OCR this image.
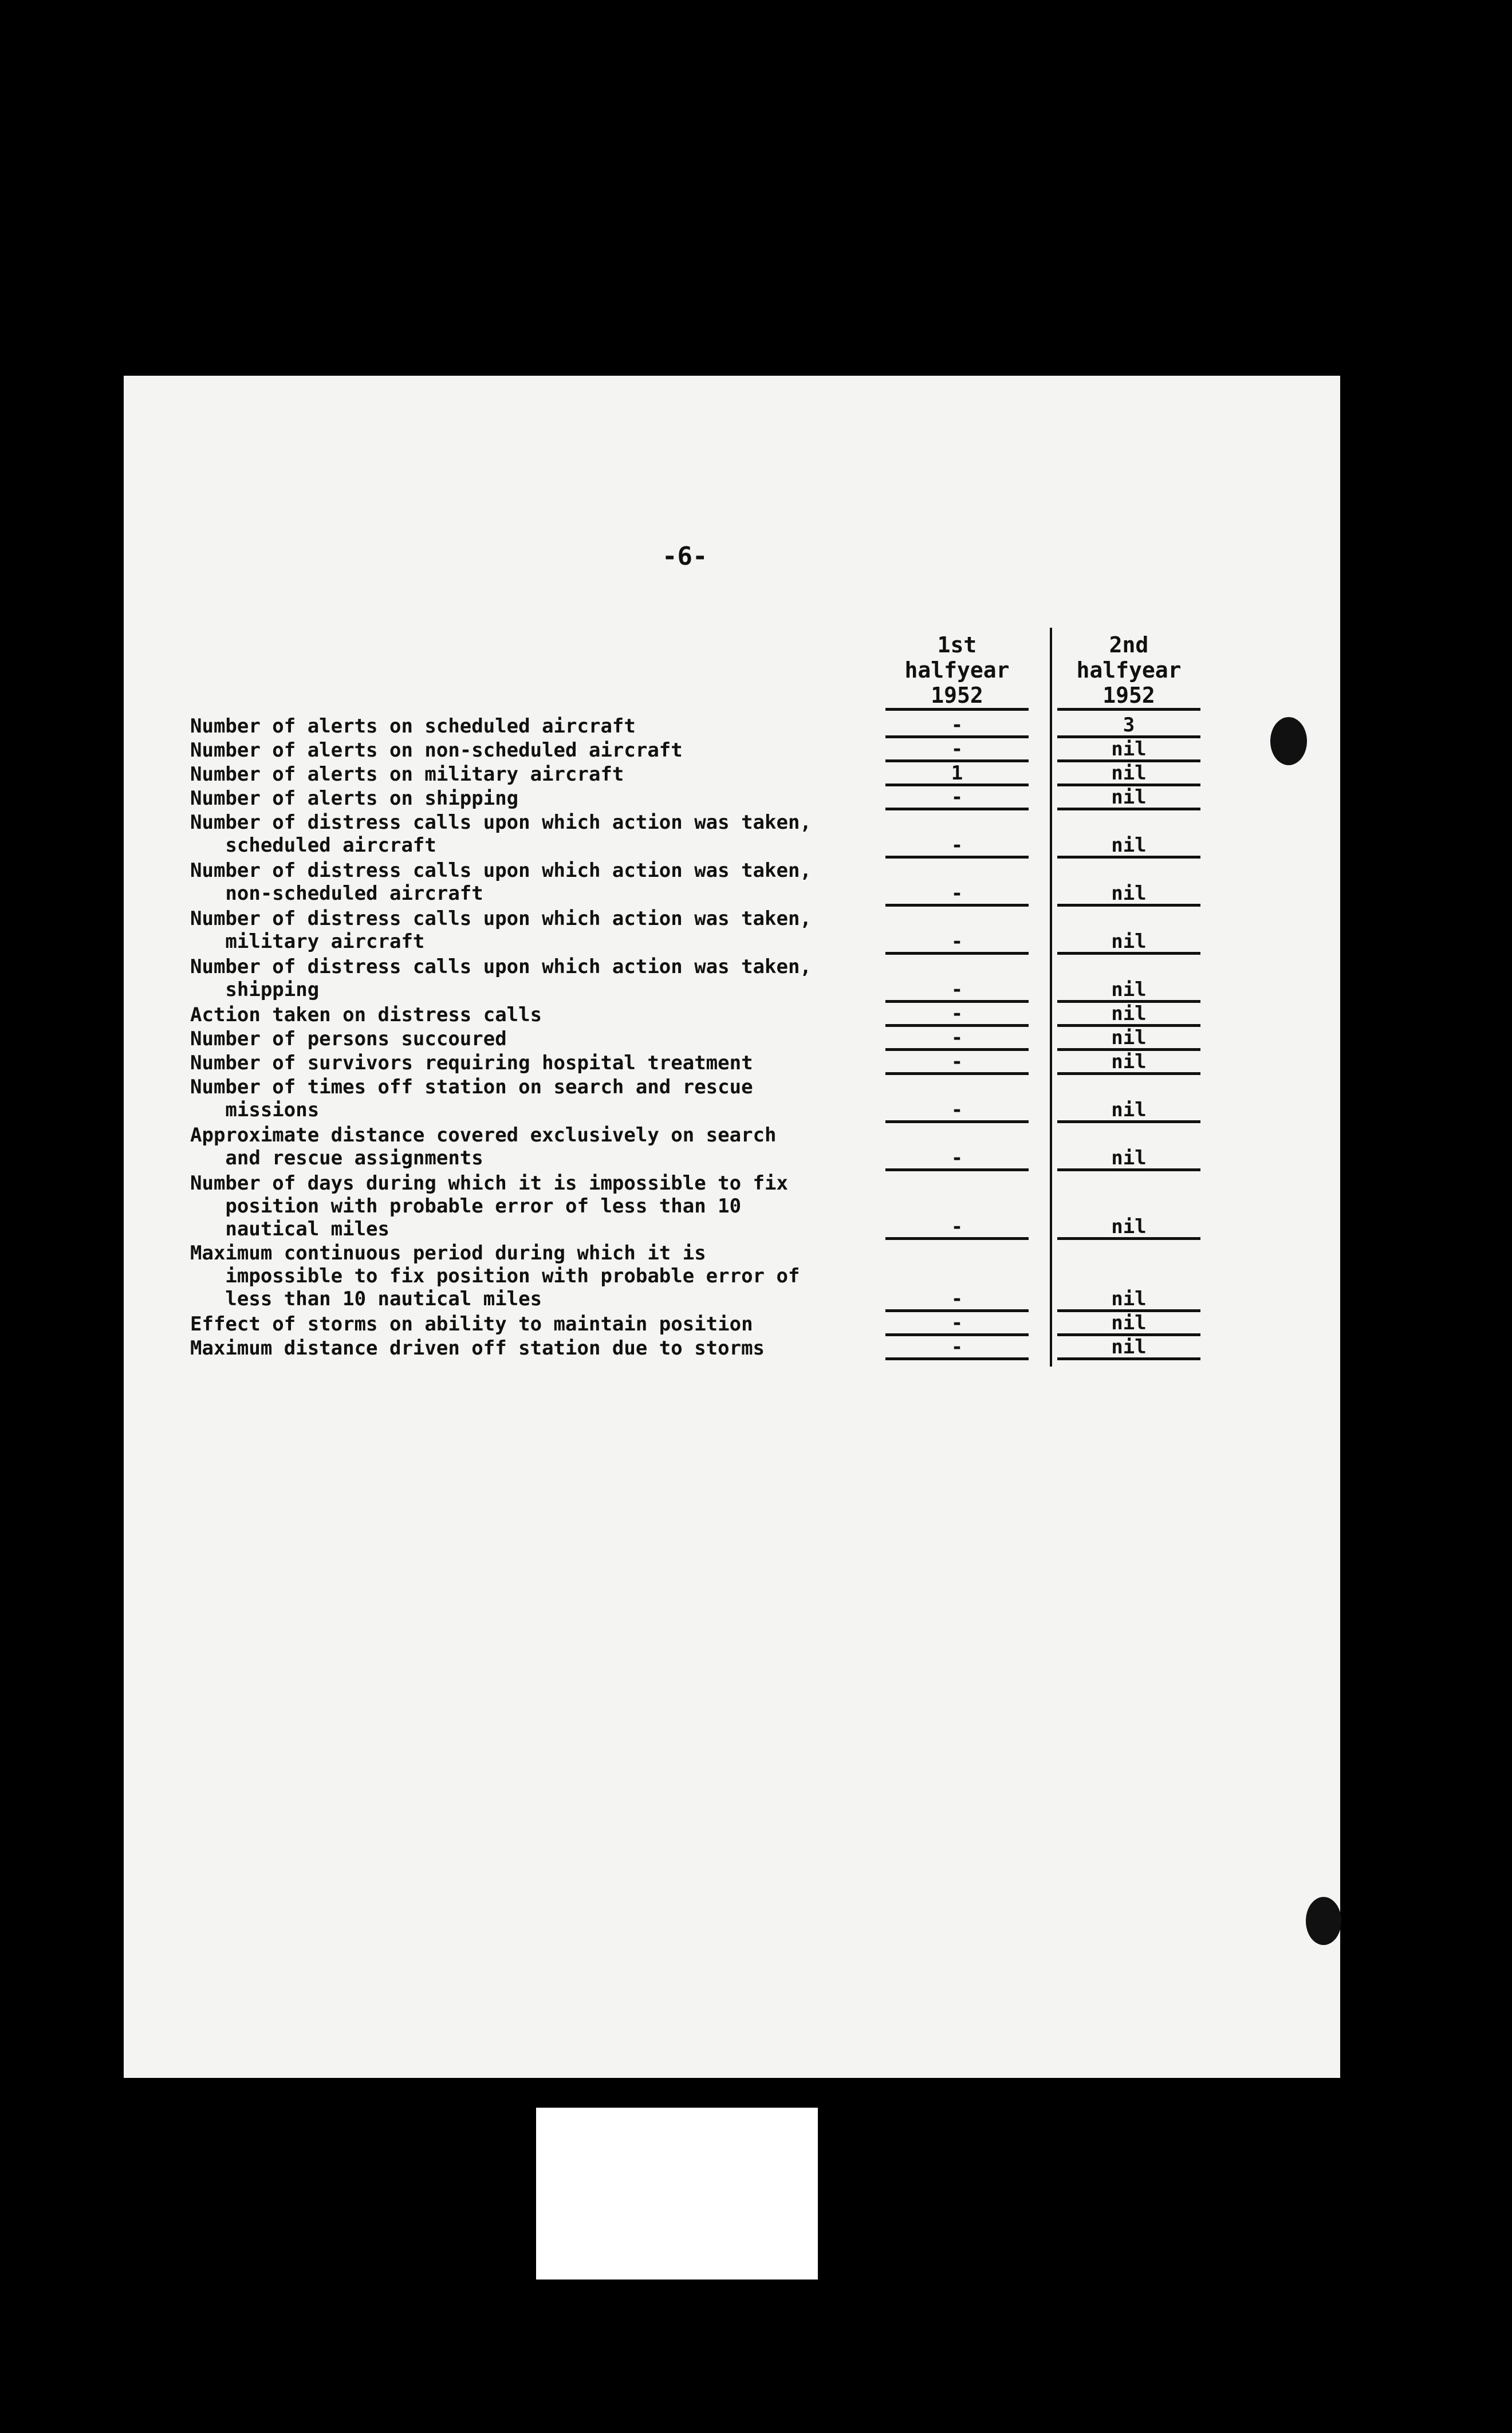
-6-
1st halfyear
1952
2nd halfyear
1952
Number of alerts on scheduled aircraft
Number of alerts on non-scheduled aircraft
Number of alerts on military aircraft
Number of alerts on shipping
Number of distress calls upon which action was taken,
scheduled aircraft
Number of distress calls upon which action was taken,
non-scheduled aircraft
Number of distress calls upon which action was taken,
military aircraft
Number of distress calls upon which action was taken,
shipping
Action taken on distress calls
Number of persons succoured
Number of survivors requiring hospital treatment
Number of times off station on search and rescue
missions
Approximate distance covered exclusively on search
and rescue assignments
Number of days during which it is impossible to fix
position with probable error of less than 10
nautical miles
Maximum continuous period during which it is
impossible to fix position with probable error of
less than 10 nautical miles
Effect of storms on ability to maintain position
Maximum distance driven off station due to storms
-
-
1
-
-
-
-
-
-
-
-
-
-
-
-
-
-
3
nil
nil
nil
nil
nil
nil
nil
nil
nil
nil
nil
nil
nil
nil
nil
nil
